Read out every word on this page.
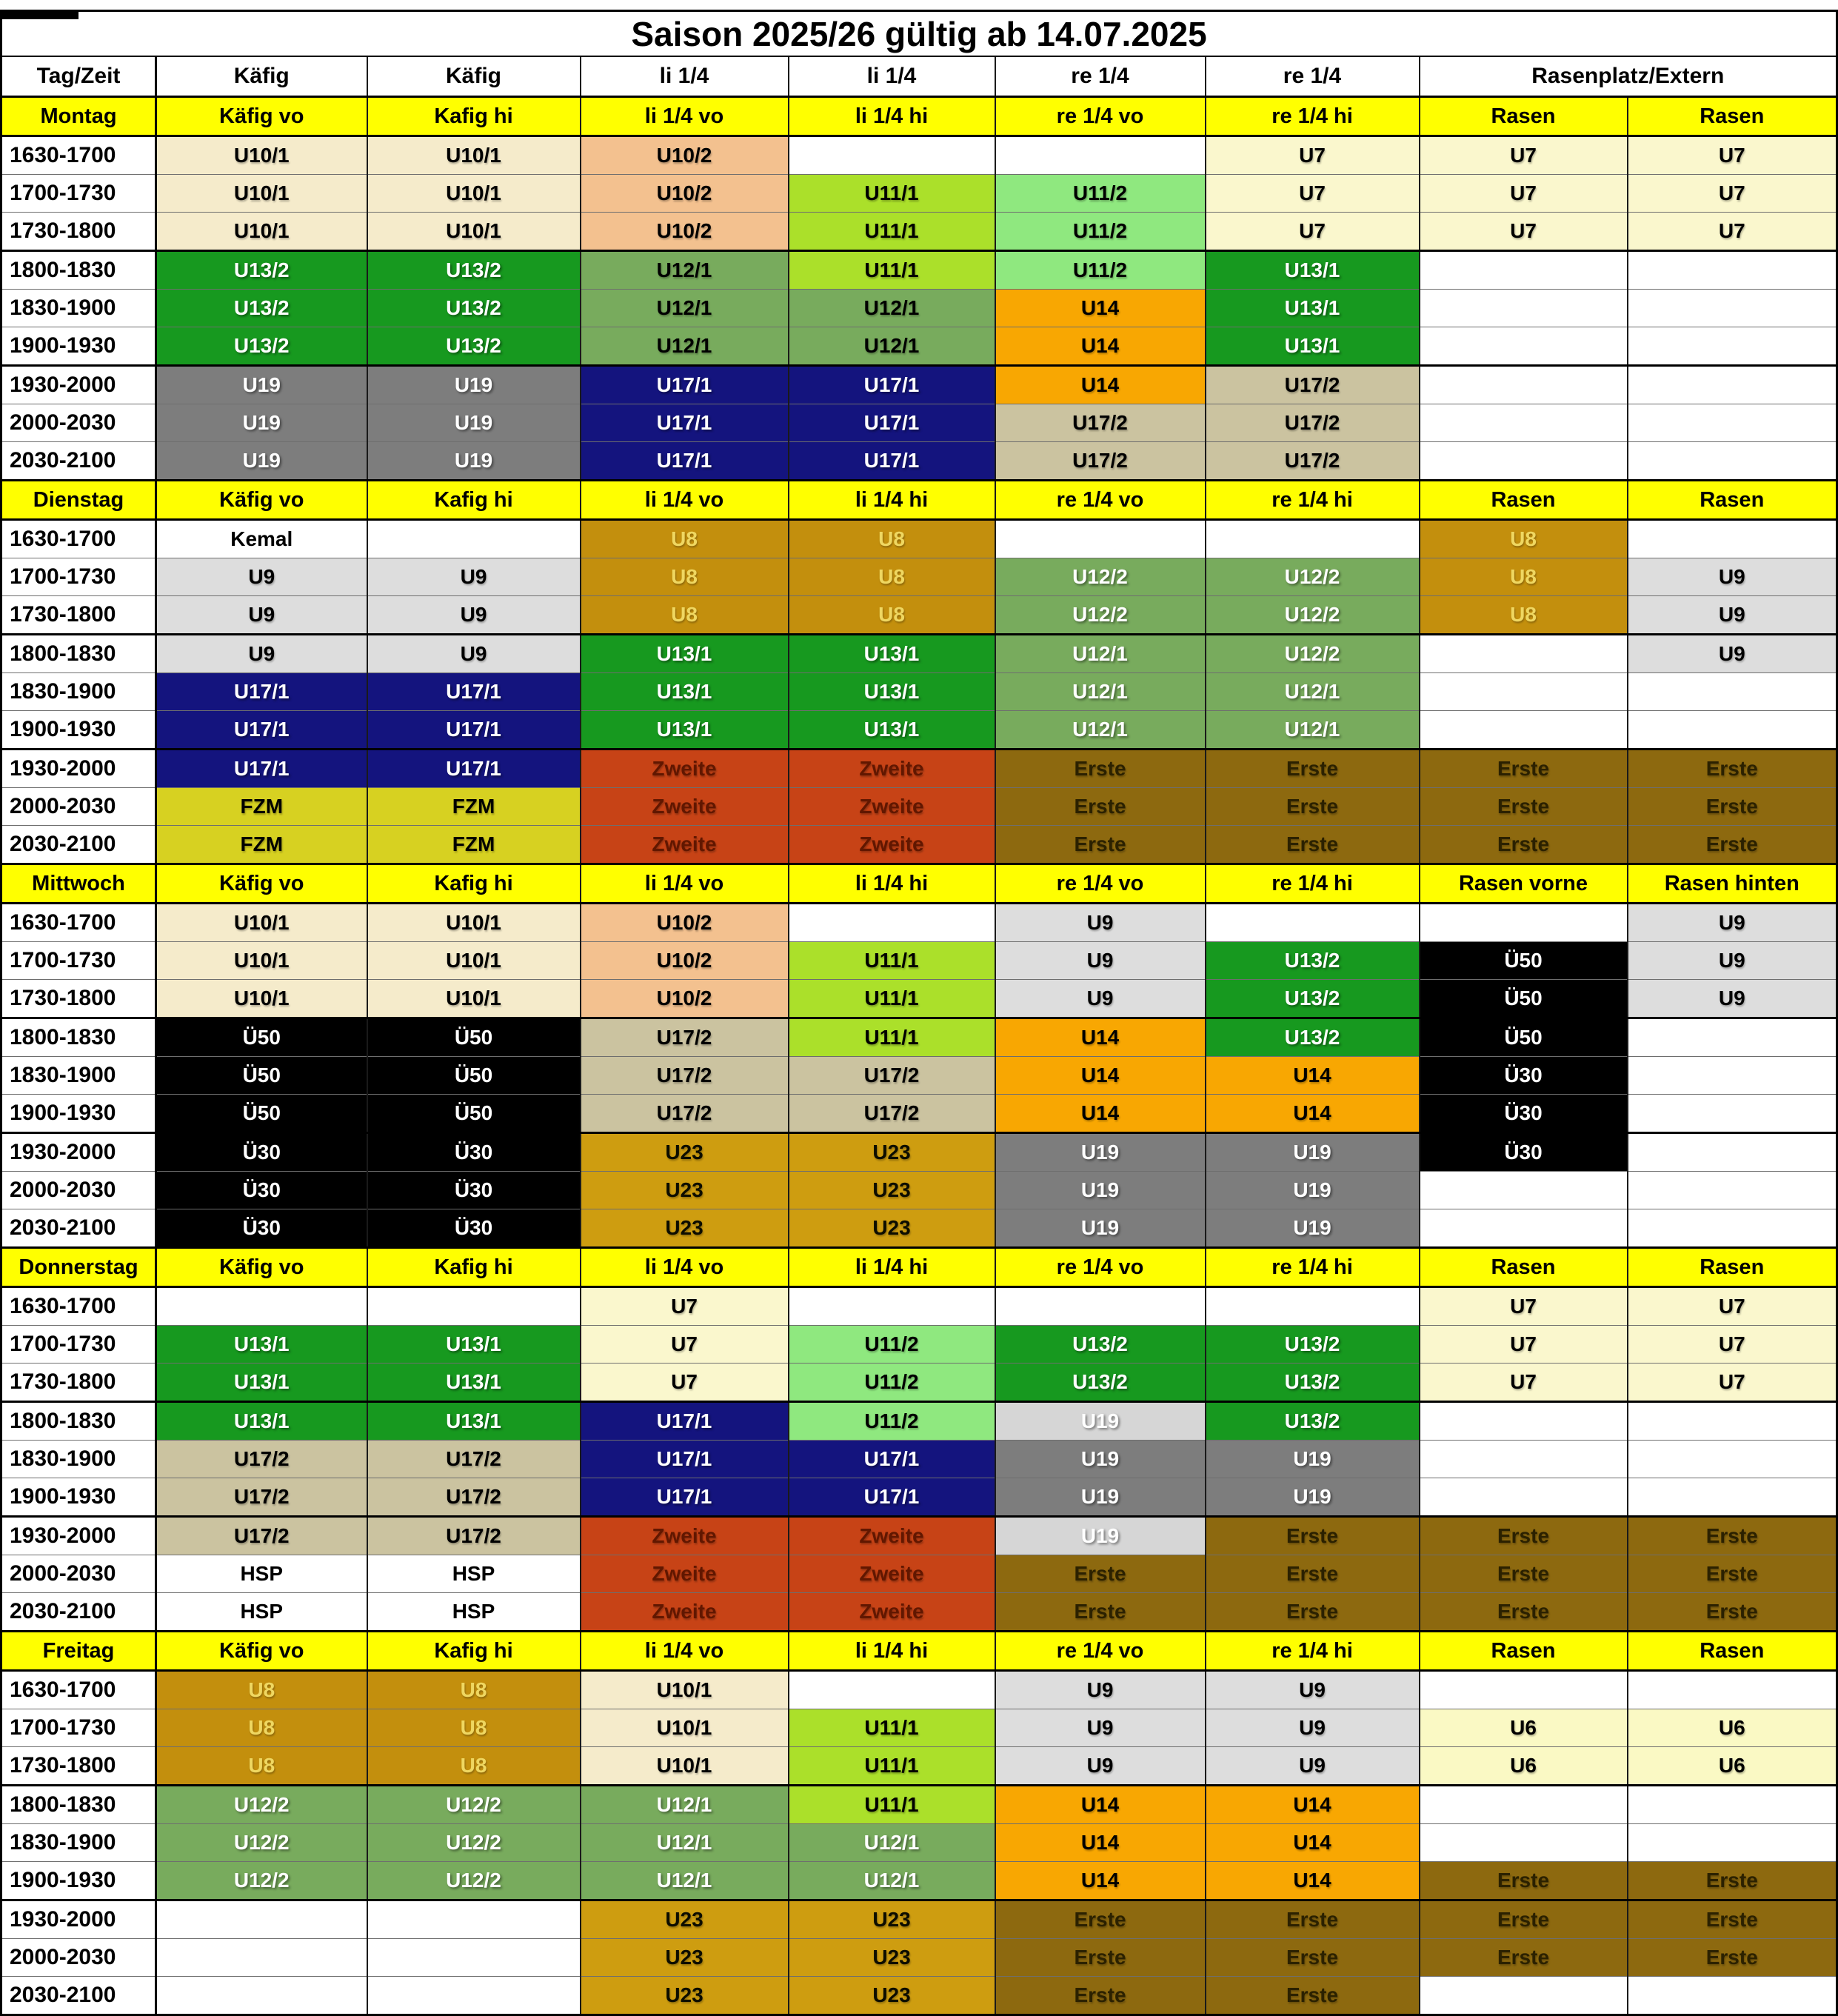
Saison 2025/26 gültig ab 14.07.2025								
Tag/Zeit	Käfig	Käfig	li 1/4	li 1/4	re 1/4	re 1/4	Rasenplatz/Extern	
Montag	Käfig vo	Kafig hi	li 1/4 vo	li 1/4 hi	re 1/4 vo	re 1/4 hi	Rasen	Rasen
1630-1700	U10/1	U10/1	U10/2			U7	U7	U7
1700-1730	U10/1	U10/1	U10/2	U11/1	U11/2	U7	U7	U7
1730-1800	U10/1	U10/1	U10/2	U11/1	U11/2	U7	U7	U7
1800-1830	U13/2	U13/2	U12/1	U11/1	U11/2	U13/1		
1830-1900	U13/2	U13/2	U12/1	U12/1	U14	U13/1		
1900-1930	U13/2	U13/2	U12/1	U12/1	U14	U13/1		
1930-2000	U19	U19	U17/1	U17/1	U14	U17/2		
2000-2030	U19	U19	U17/1	U17/1	U17/2	U17/2		
2030-2100	U19	U19	U17/1	U17/1	U17/2	U17/2		
Dienstag	Käfig vo	Kafig hi	li 1/4 vo	li 1/4 hi	re 1/4 vo	re 1/4 hi	Rasen	Rasen
1630-1700	Kemal		U8	U8			U8	
1700-1730	U9	U9	U8	U8	U12/2	U12/2	U8	U9
1730-1800	U9	U9	U8	U8	U12/2	U12/2	U8	U9
1800-1830	U9	U9	U13/1	U13/1	U12/1	U12/2		U9
1830-1900	U17/1	U17/1	U13/1	U13/1	U12/1	U12/1		
1900-1930	U17/1	U17/1	U13/1	U13/1	U12/1	U12/1		
1930-2000	U17/1	U17/1	Zweite	Zweite	Erste	Erste	Erste	Erste
2000-2030	FZM	FZM	Zweite	Zweite	Erste	Erste	Erste	Erste
2030-2100	FZM	FZM	Zweite	Zweite	Erste	Erste	Erste	Erste
Mittwoch	Käfig vo	Kafig hi	li 1/4 vo	li 1/4 hi	re 1/4 vo	re 1/4 hi	Rasen vorne	Rasen hinten
1630-1700	U10/1	U10/1	U10/2		U9			U9
1700-1730	U10/1	U10/1	U10/2	U11/1	U9	U13/2	Ü50	U9
1730-1800	U10/1	U10/1	U10/2	U11/1	U9	U13/2	Ü50	U9
1800-1830	Ü50	Ü50	U17/2	U11/1	U14	U13/2	Ü50	
1830-1900	Ü50	Ü50	U17/2	U17/2	U14	U14	Ü30	
1900-1930	Ü50	Ü50	U17/2	U17/2	U14	U14	Ü30	
1930-2000	Ü30	Ü30	U23	U23	U19	U19	Ü30	
2000-2030	Ü30	Ü30	U23	U23	U19	U19		
2030-2100	Ü30	Ü30	U23	U23	U19	U19		
Donnerstag	Käfig vo	Kafig hi	li 1/4 vo	li 1/4 hi	re 1/4 vo	re 1/4 hi	Rasen	Rasen
1630-1700			U7				U7	U7
1700-1730	U13/1	U13/1	U7	U11/2	U13/2	U13/2	U7	U7
1730-1800	U13/1	U13/1	U7	U11/2	U13/2	U13/2	U7	U7
1800-1830	U13/1	U13/1	U17/1	U11/2	U19	U13/2		
1830-1900	U17/2	U17/2	U17/1	U17/1	U19	U19		
1900-1930	U17/2	U17/2	U17/1	U17/1	U19	U19		
1930-2000	U17/2	U17/2	Zweite	Zweite	U19	Erste	Erste	Erste
2000-2030	HSP	HSP	Zweite	Zweite	Erste	Erste	Erste	Erste
2030-2100	HSP	HSP	Zweite	Zweite	Erste	Erste	Erste	Erste
Freitag	Käfig vo	Kafig hi	li 1/4 vo	li 1/4 hi	re 1/4 vo	re 1/4 hi	Rasen	Rasen
1630-1700	U8	U8	U10/1		U9	U9		
1700-1730	U8	U8	U10/1	U11/1	U9	U9	U6	U6
1730-1800	U8	U8	U10/1	U11/1	U9	U9	U6	U6
1800-1830	U12/2	U12/2	U12/1	U11/1	U14	U14		
1830-1900	U12/2	U12/2	U12/1	U12/1	U14	U14		
1900-1930	U12/2	U12/2	U12/1	U12/1	U14	U14	Erste	Erste
1930-2000			U23	U23	Erste	Erste	Erste	Erste
2000-2030			U23	U23	Erste	Erste	Erste	Erste
2030-2100			U23	U23	Erste	Erste		
